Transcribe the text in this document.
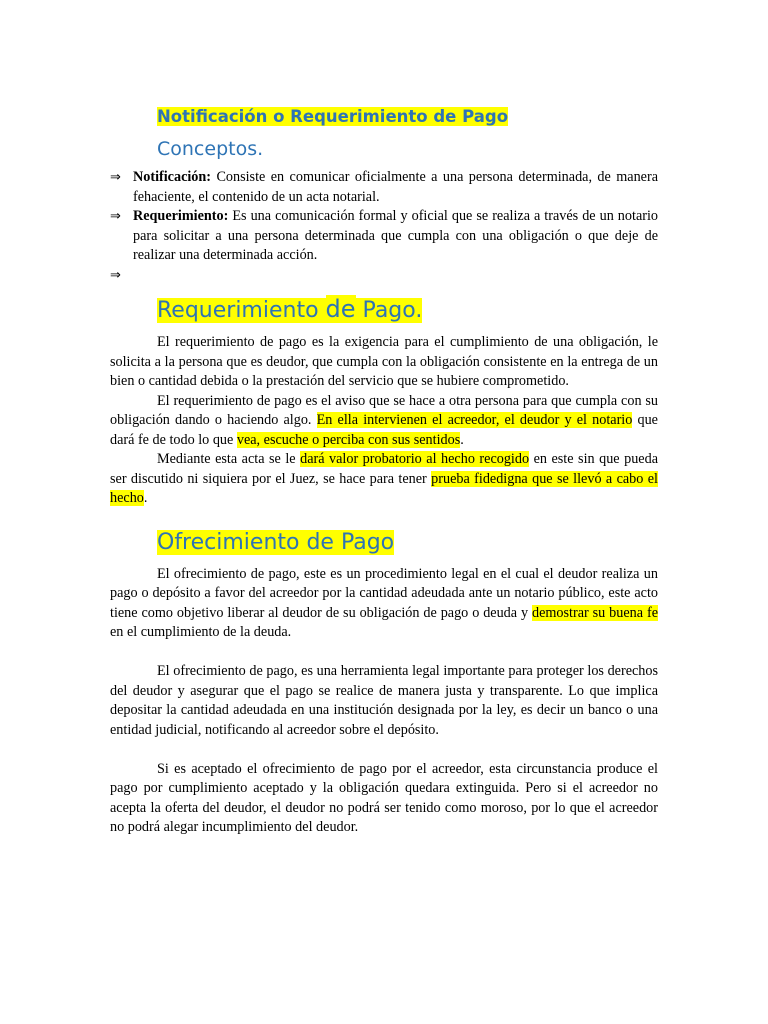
Notificación o Requerimiento de Pago
Conceptos.
⇒ Notificación: Consiste en comunicar oficialmente a una persona determinada, de manera fehaciente, el contenido de un acta notarial.
⇒ Requerimiento: Es una comunicación formal y oficial que se realiza a través de un notario para solicitar a una persona determinada que cumpla con una obligación o que deje de realizar una determinada acción.
⇒
Requerimiento de Pago.

El requerimiento de pago es la exigencia para el cumplimiento de una obligación, le solicita a la persona que es deudor, que cumpla con la obligación consistente en la entrega de un bien o cantidad debida o la prestación del servicio que se hubiere comprometido.

El requerimiento de pago es el aviso que se hace a otra persona para que cumpla con su obligación dando o haciendo algo. En ella intervienen el acreedor, el deudor y el notario que dará fe de todo lo que vea, escuche o perciba con sus sentidos.

Mediante esta acta se le dará valor probatorio al hecho recogido en este sin que pueda ser discutido ni siquiera por el Juez, se hace para tener prueba fidedigna que se llevó a cabo el hecho.

Ofrecimiento de Pago

El ofrecimiento de pago, este es un procedimiento legal en el cual el deudor realiza un pago o depósito a favor del acreedor por la cantidad adeudada ante un notario público, este acto tiene como objetivo liberar al deudor de su obligación de pago o deuda y demostrar su buena fe en el cumplimiento de la deuda.

El ofrecimiento de pago, es una herramienta legal importante para proteger los derechos del deudor y asegurar que el pago se realice de manera justa y transparente. Lo que implica depositar la cantidad adeudada en una institución designada por la ley, es decir un banco o una entidad judicial, notificando al acreedor sobre el depósito.

Si es aceptado el ofrecimiento de pago por el acreedor, esta circunstancia produce el pago por cumplimiento aceptado y la obligación quedara extinguida. Pero si el acreedor no acepta la oferta del deudor, el deudor no podrá ser tenido como moroso, por lo que el acreedor no podrá alegar incumplimiento del deudor.
